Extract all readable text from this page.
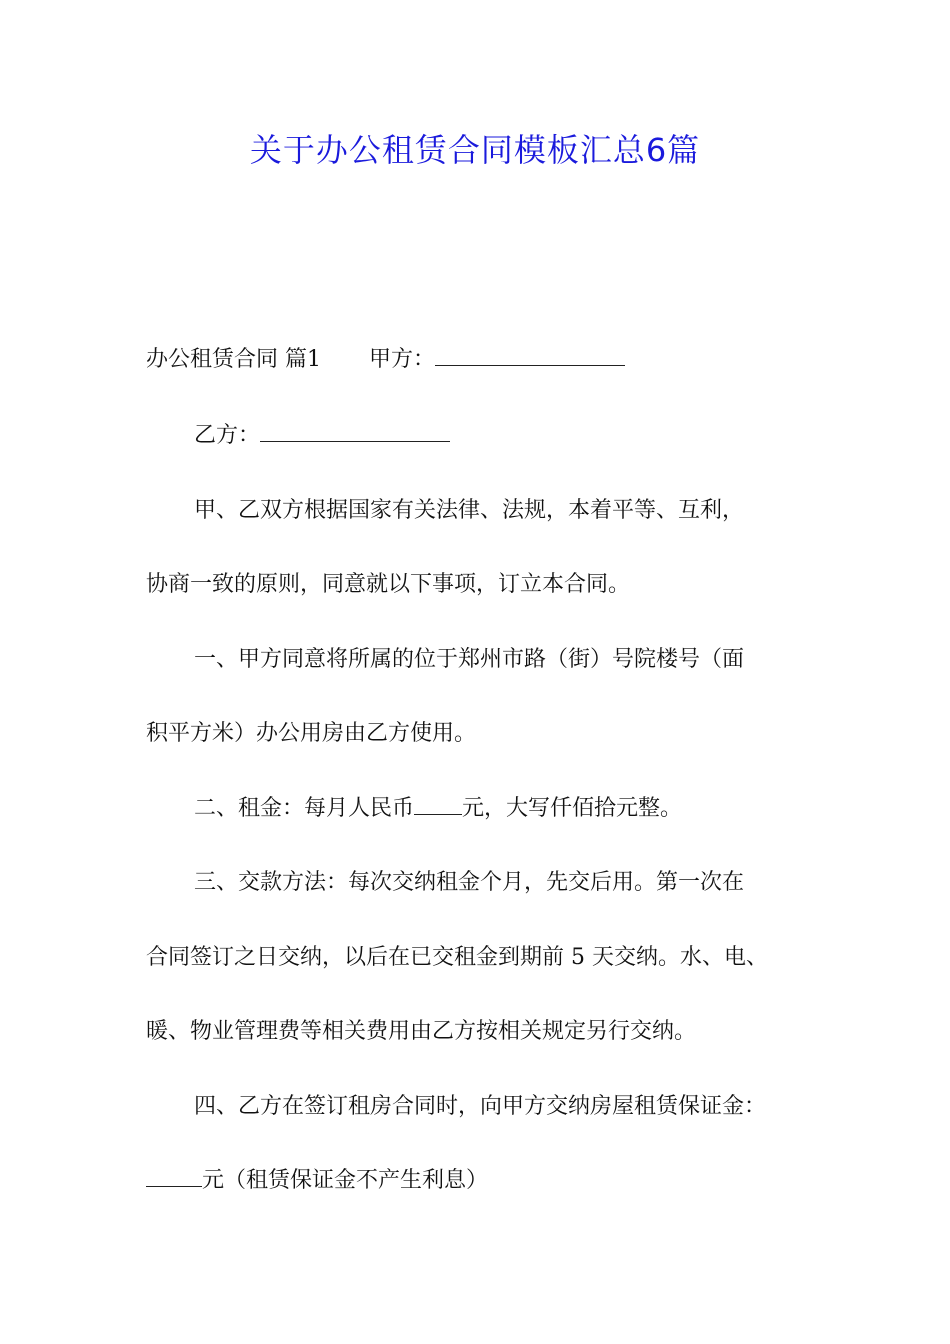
关于办公租赁合同模板汇总6篇

办公租赁合同 篇1 甲方：

乙方：

甲、乙双方根据国家有关法律、法规，本着平等、互利，

协商一致的原则，同意就以下事项，订立本合同。

一、甲方同意将所属的位于郑州市路（街）号院楼号（面

积平方米）办公用房由乙方使用。

二、租金：每月人民币 元，大写仟佰拾元整。

三、交款方法：每次交纳租金个月，先交后用。第一次在

合同签订之日交纳，以后在已交租金到期前 5 天交纳。水、电、

暖、物业管理费等相关费用由乙方按相关规定另行交纳。

四、乙方在签订租房合同时，向甲方交纳房屋租赁保证金：

元（租赁保证金不产生利息）
